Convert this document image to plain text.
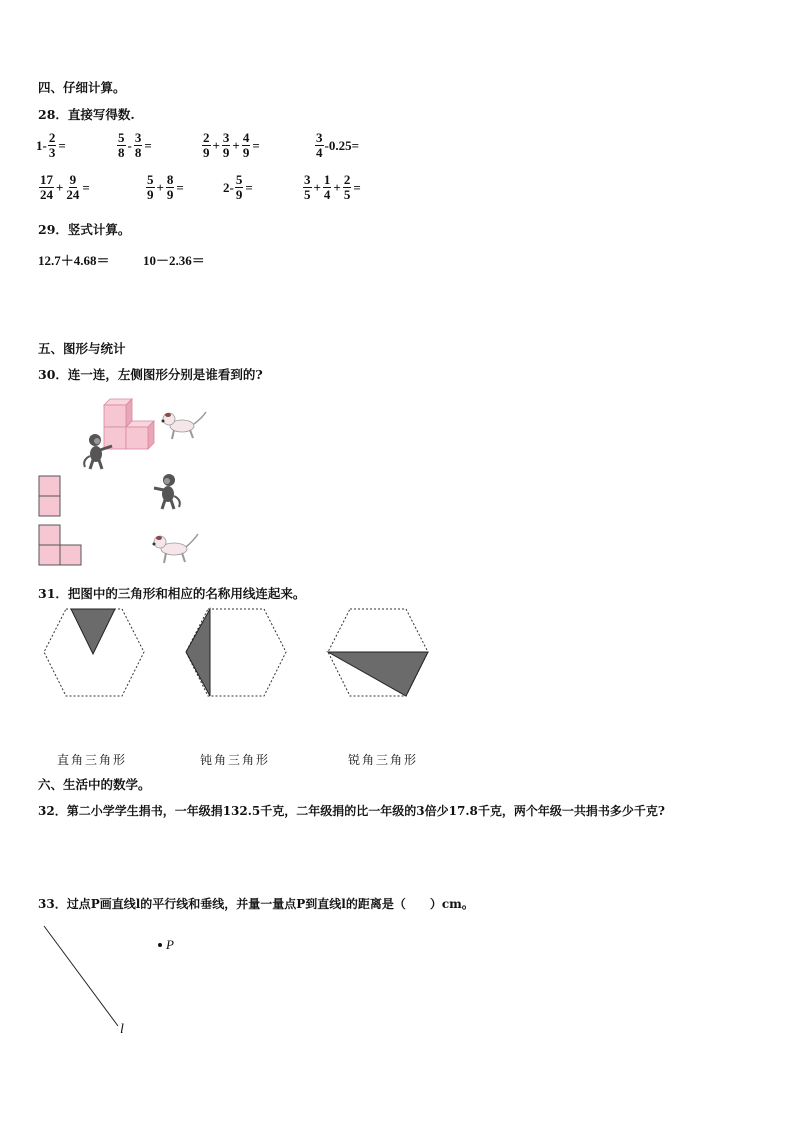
四、仔细计算。
28．直接写得数.
$1- \frac{2}{3}$ =	$\frac{5}{8} - \frac{3}{8}$ =	$\frac{2}{9} + \frac{3}{9} + \frac{4}{9}$ =	$\frac{3}{4} -0.25=$
$\frac{17}{24} + \frac{9}{24}$ =	$\frac{5}{9} + \frac{8}{9}$ =	$2- \frac{5}{9}$ =	$\frac{3}{5} + \frac{1}{4} + \frac{2}{5}$ =
29．竖式计算。
12.7＋4.68＝	10－2.36＝
五、图形与统计
30．连一连，左侧图形分别是谁看到的?
31．把图中的三角形和相应的名称用线连起来。
直角三角形	钝角三角形	锐角三角形
六、生活中的数学。
32．第二小学学生捐书，一年级捐132.5千克，二年级捐的比一年级的3倍少17.8千克，两个年级一共捐书多少千克?
33．过点P画直线l的平行线和垂线，并量一量点P到直线l的距离是（　　）cm。
P
l
